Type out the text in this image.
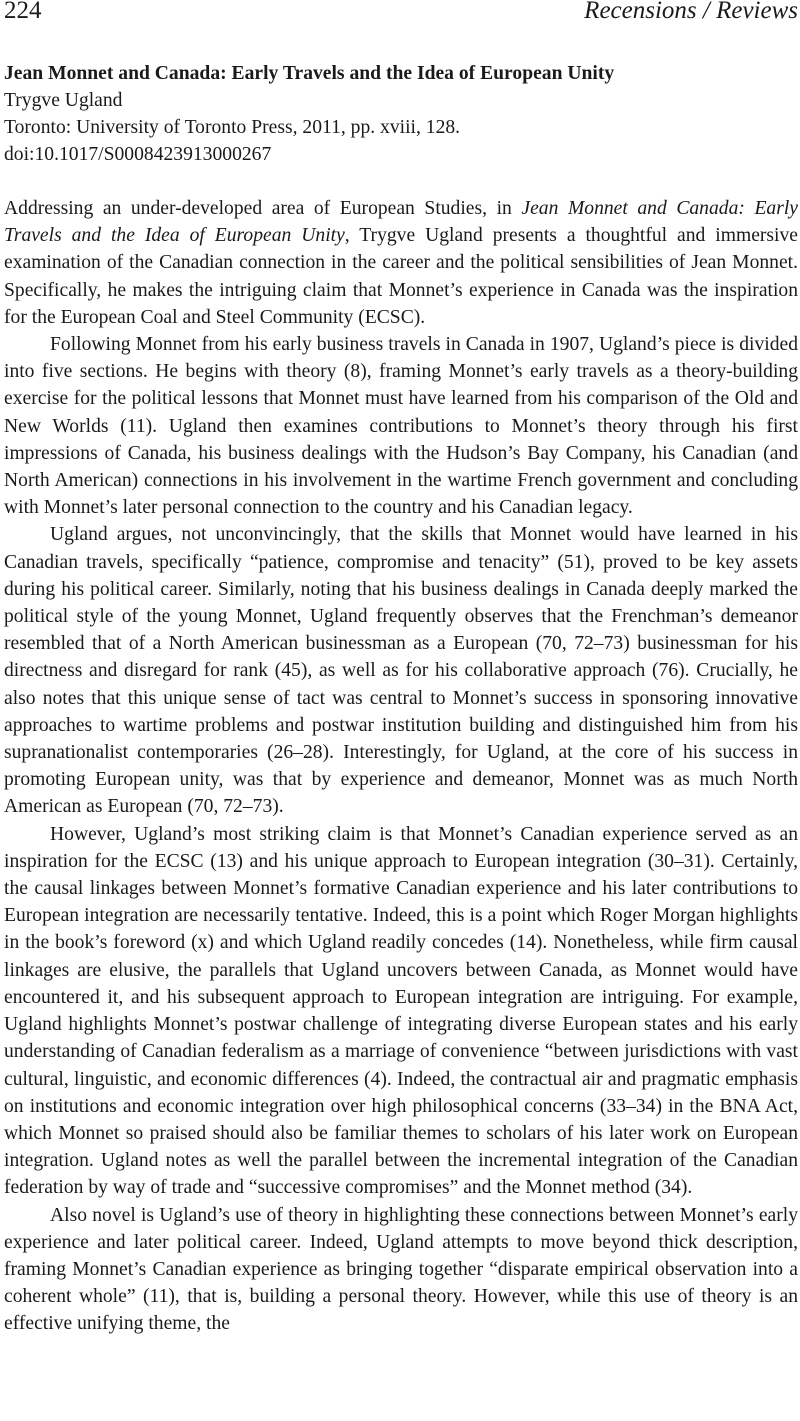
224	Recensions / Reviews
Jean Monnet and Canada: Early Travels and the Idea of European Unity
Trygve Ugland
Toronto: University of Toronto Press, 2011, pp. xviii, 128.
doi:10.1017/S0008423913000267

Addressing an under-developed area of European Studies, in Jean Monnet and Canada: Early Travels and the Idea of European Unity, Trygve Ugland presents a thoughtful and immersive examination of the Canadian connection in the career and the political sensibilities of Jean Monnet. Specifically, he makes the intriguing claim that Monnet’s experience in Canada was the inspiration for the European Coal and Steel Community (ECSC).

Following Monnet from his early business travels in Canada in 1907, Ugland’s piece is divided into five sections. He begins with theory (8), framing Monnet’s early travels as a theory-building exercise for the political lessons that Monnet must have learned from his comparison of the Old and New Worlds (11). Ugland then examines contributions to Monnet’s theory through his first impressions of Canada, his business dealings with the Hudson’s Bay Company, his Canadian (and North American) connections in his involvement in the wartime French government and concluding with Monnet’s later personal connection to the country and his Canadian legacy.

Ugland argues, not unconvincingly, that the skills that Monnet would have learned in his Canadian travels, specifically “patience, compromise and tenacity” (51), proved to be key assets during his political career. Similarly, noting that his business dealings in Canada deeply marked the political style of the young Monnet, Ugland frequently observes that the Frenchman’s demeanor resembled that of a North American businessman as a European (70, 72–73) businessman for his directness and disregard for rank (45), as well as for his collaborative approach (76). Crucially, he also notes that this unique sense of tact was central to Monnet’s success in sponsoring innovative approaches to wartime problems and postwar institution building and distinguished him from his supranationalist contemporaries (26–28). Interestingly, for Ugland, at the core of his success in promoting European unity, was that by experience and demeanor, Monnet was as much North American as European (70, 72–73).

However, Ugland’s most striking claim is that Monnet’s Canadian experience served as an inspiration for the ECSC (13) and his unique approach to European integration (30–31). Certainly, the causal linkages between Monnet’s formative Canadian experience and his later contributions to European integration are necessarily tentative. Indeed, this is a point which Roger Morgan highlights in the book’s foreword (x) and which Ugland readily concedes (14). Nonetheless, while firm causal linkages are elusive, the parallels that Ugland uncovers between Canada, as Monnet would have encountered it, and his subsequent approach to European integration are intriguing. For example, Ugland highlights Monnet’s postwar challenge of integrating diverse European states and his early understanding of Canadian federalism as a marriage of convenience “between jurisdictions with vast cultural, linguistic, and economic differences (4). Indeed, the contractual air and pragmatic emphasis on institutions and economic integration over high philosophical concerns (33–34) in the BNA Act, which Monnet so praised should also be familiar themes to scholars of his later work on European integration. Ugland notes as well the parallel between the incremental integration of the Canadian federation by way of trade and “successive compromises” and the Monnet method (34).

Also novel is Ugland’s use of theory in highlighting these connections between Monnet’s early experience and later political career. Indeed, Ugland attempts to move beyond thick description, framing Monnet’s Canadian experience as bringing together “disparate empirical observation into a coherent whole” (11), that is, building a personal theory. However, while this use of theory is an effective unifying theme, the
